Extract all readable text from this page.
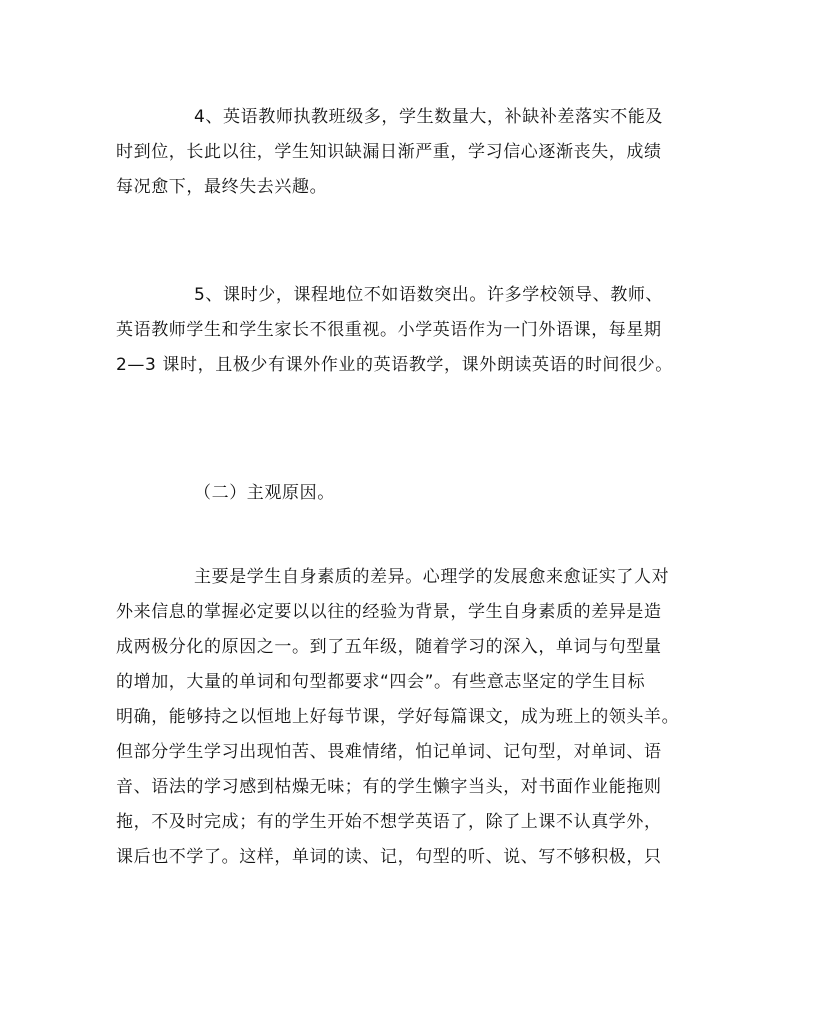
4、英语教师执教班级多，学生数量大，补缺补差落实不能及
时到位，长此以往，学生知识缺漏日渐严重，学习信心逐渐丧失，成绩
每况愈下，最终失去兴趣。
5、课时少，课程地位不如语数突出。许多学校领导、教师、
英语教师学生和学生家长不很重视。小学英语作为一门外语课，每星期
2—3 课时，且极少有课外作业的英语教学，课外朗读英语的时间很少。

（二）主观原因。

主要是学生自身素质的差异。心理学的发展愈来愈证实了人对
外来信息的掌握必定要以以往的经验为背景，学生自身素质的差异是造
成两极分化的原因之一。到了五年级，随着学习的深入，单词与句型量
的增加，大量的单词和句型都要求“四会”。有些意志坚定的学生目标
明确，能够持之以恒地上好每节课，学好每篇课文，成为班上的领头羊。
但部分学生学习出现怕苦、畏难情绪，怕记单词、记句型，对单词、语
音、语法的学习感到枯燥无味；有的学生懒字当头，对书面作业能拖则
拖，不及时完成；有的学生开始不想学英语了，除了上课不认真学外，
课后也不学了。这样，单词的读、记，句型的听、说、写不够积极，只
